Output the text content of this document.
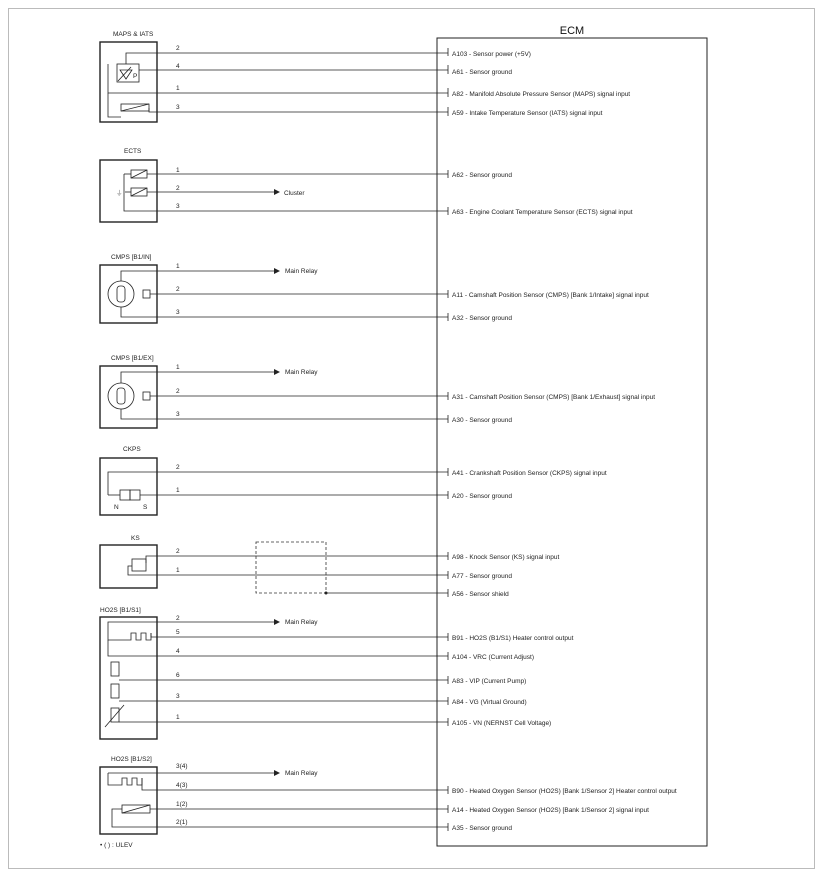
ECM
MAPS & IATS
P
2
4
1
3
A103 - Sensor power (+5V)
A61 - Sensor ground
A82 - Manifold Absolute Pressure Sensor (MAPS) signal input
A59 - Intake Temperature Sensor (IATS) signal input
ECTS
⏚	Cluster
1
2
3
A62 - Sensor ground
A63 - Engine Coolant Temperature Sensor (ECTS) signal input
CMPS [B1/IN]
Main Relay
1
2
3
A11 - Camshaft Position Sensor (CMPS) [Bank 1/Intake] signal input
A32 - Sensor ground
CMPS [B1/EX]
Main Relay
1
2
3
A31 - Camshaft Position Sensor (CMPS) [Bank 1/Exhaust] signal input
A30 - Sensor ground
CKPS
N	S
2
1
A41 - Crankshaft Position Sensor (CKPS) signal input
A20 - Sensor ground
KS
2
1
A98 - Knock Sensor (KS) signal input
A77 - Sensor ground
A56 - Sensor shield
HO2S [B1/S1]
Main Relay
2
5
4
6
3
1
B91 - HO2S (B1/S1) Heater control output
A104 - VRC (Current Adjust)
A83 - VIP (Current Pump)
A84 - VG (Virtual Ground)
A105 - VN (NERNST Cell Voltage)
HO2S [B1/S2]
Main Relay
3(4)
4(3)
1(2)
2(1)
B90 - Heated Oxygen Sensor (HO2S) [Bank 1/Sensor 2] Heater control output
A14 - Heated Oxygen Sensor (HO2S) [Bank 1/Sensor 2] signal input
A35 - Sensor ground
• ( ) : ULEV
